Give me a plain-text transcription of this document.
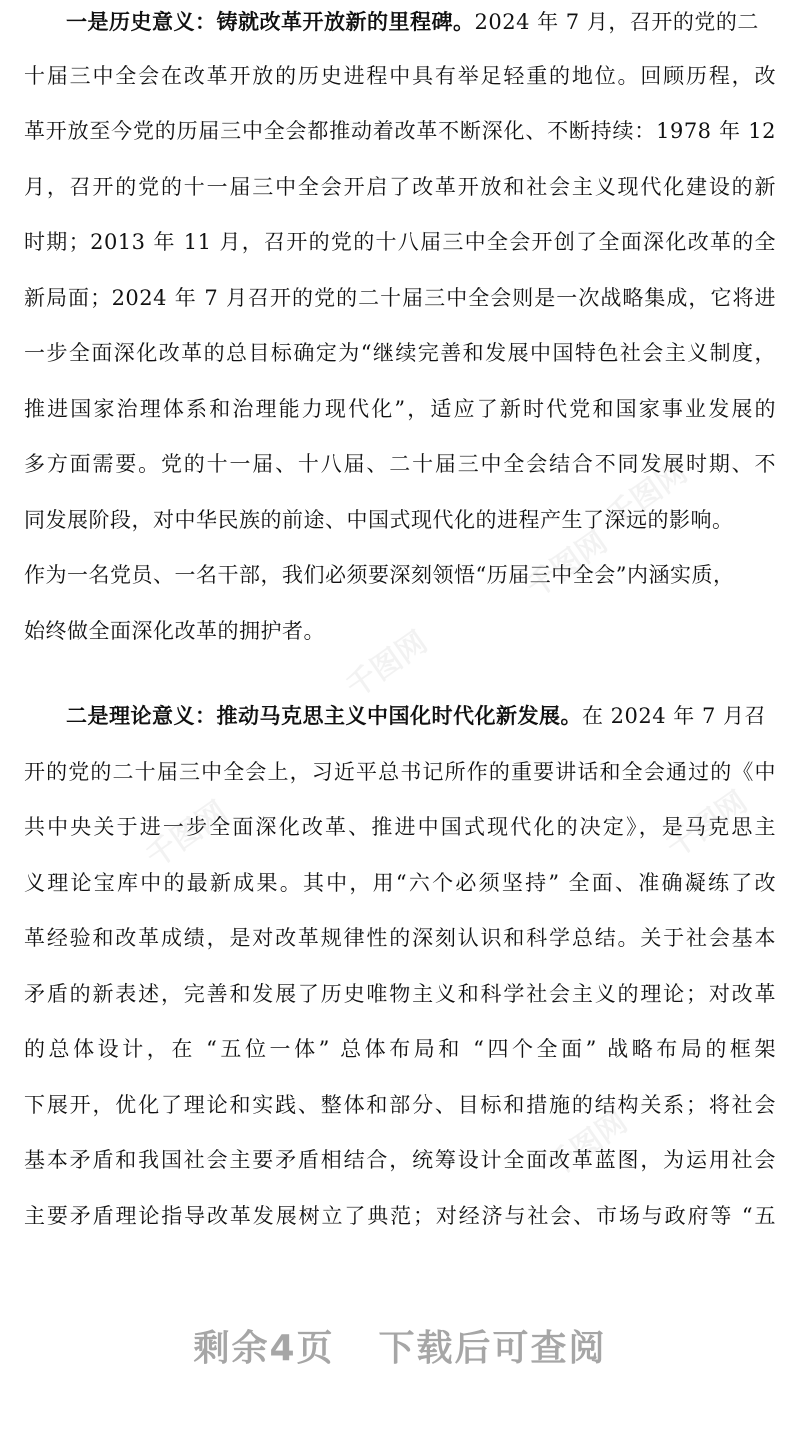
千图网
千图网
千图网
千图网	千图网
千图网
一是历史意义：铸就改革开放新的里程碑。2024 年 7 月，召开的党的二
十届三中全会在改革开放的历史进程中具有举足轻重的地位。回顾历程，改
革开放至今党的历届三中全会都推动着改革不断深化、不断持续：1978 年 12
月，召开的党的十一届三中全会开启了改革开放和社会主义现代化建设的新
时期；2013 年 11 月，召开的党的十八届三中全会开创了全面深化改革的全
新局面；2024 年 7 月召开的党的二十届三中全会则是一次战略集成，它将进
一步全面深化改革的总目标确定为“继续完善和发展中国特色社会主义制度，
推进国家治理体系和治理能力现代化”，适应了新时代党和国家事业发展的
多方面需要。党的十一届、十八届、二十届三中全会结合不同发展时期、不
同发展阶段，对中华民族的前途、中国式现代化的进程产生了深远的影响。
作为一名党员、一名干部，我们必须要深刻领悟“历届三中全会”内涵实质，
始终做全面深化改革的拥护者。
二是理论意义：推动马克思主义中国化时代化新发展。在 2024 年 7 月召
开的党的二十届三中全会上，习近平总书记所作的重要讲话和全会通过的《中
共中央关于进一步全面深化改革、推进中国式现代化的决定》，是马克思主
义理论宝库中的最新成果。其中，用“六个必须坚持” 全面、准确凝练了改
革经验和改革成绩，是对改革规律性的深刻认识和科学总结。关于社会基本
矛盾的新表述，完善和发展了历史唯物主义和科学社会主义的理论；对改革
的总体设计，在 “五位一体” 总体布局和 “四个全面” 战略布局的框架
下展开，优化了理论和实践、整体和部分、目标和措施的结构关系；将社会
基本矛盾和我国社会主要矛盾相结合，统筹设计全面改革蓝图，为运用社会
主要矛盾理论指导改革发展树立了典范；对经济与社会、市场与政府等 “五
剩余4页 下载后可查阅
